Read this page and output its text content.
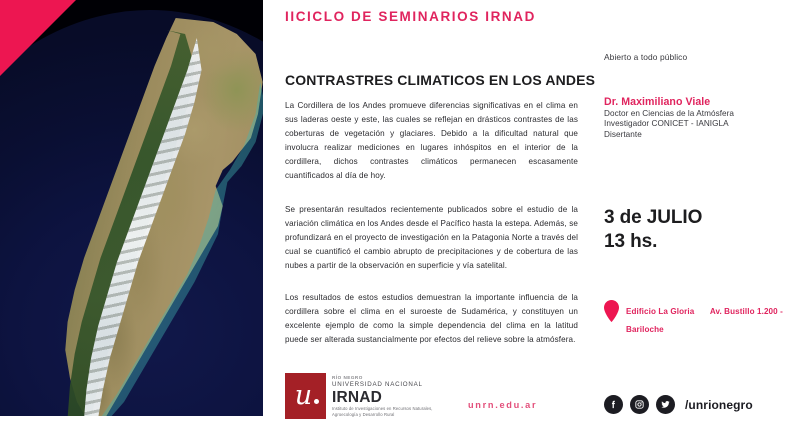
IICICLO DE SEMINARIOS IRNAD
CONTRASTRES CLIMATICOS EN LOS ANDES
La Cordillera de los Andes promueve diferencias significativas en el clima en sus laderas oeste y este, las cuales se reflejan en drásticos contrastes de las coberturas de vegetación y glaciares. Debido a la dificultad natural que involucra realizar mediciones en lugares inhóspitos en el interior de la cordillera, dichos contrastes climáticos permanecen escasamente cuantificados al día de hoy.
Se presentarán resultados recientemente publicados sobre el estudio de la variación climática en los Andes desde el Pacífico hasta la estepa. Además, se profundizará en el proyecto de investigación en la Patagonia Norte a través del cual se cuantificó el cambio abrupto de precipitaciones y de cobertura de las nubes a partir de la observación en superficie y vía satelital.
Los resultados de estos estudios demuestran la importante influencia de la cordillera sobre el clima en el suroeste de Sudamérica, y constituyen un excelente ejemplo de como la simple dependencia del clima en la latitud puede ser alterada sustancialmente por efectos del relieve sobre la atmósfera.
u
RÍO NEGRO
UNIVERSIDAD NACIONAL
IRNAD
Instituto de Investigaciones en Recursos Naturales, Agroecología y Desarrollo Rural
unrn.edu.ar
Abierto a todo público
Dr. Maximiliano Viale
Doctor en Ciencias de la Atmósfera
Investigador CONICET - IANIGLA
Disertante
3 de JULIO
13 hs.
Edificio La Gloria Av. Bustillo 1.200 - Bariloche
/unrionegro
